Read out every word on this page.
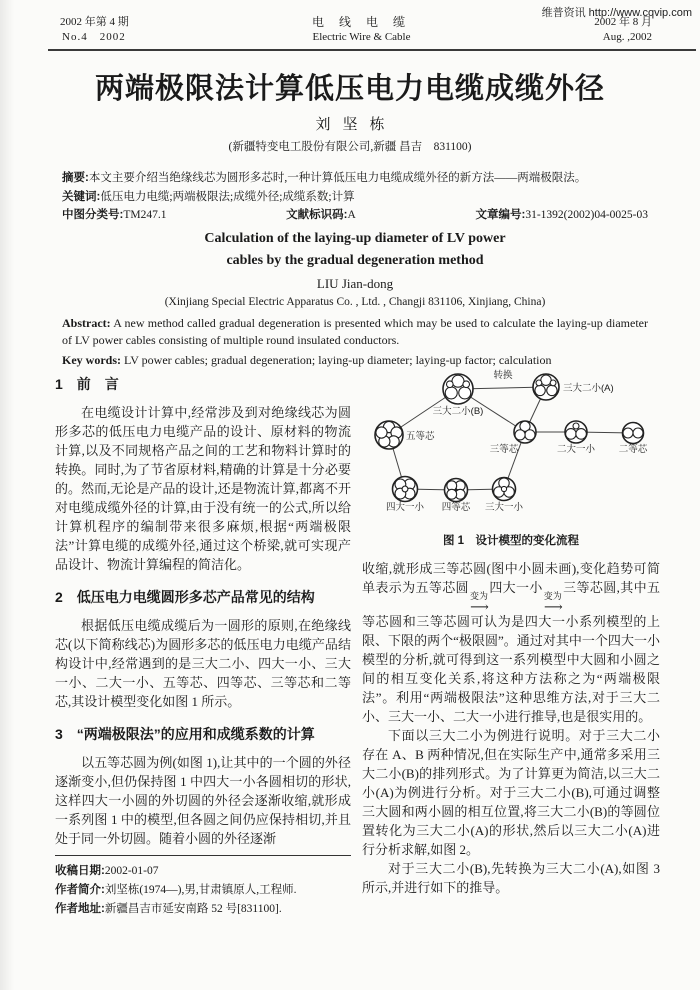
维普资讯 http://www.cqvip.com
2002 年第 4 期
No.4　2002
电 线 电 缆
Electric Wire & Cable
2002 年 8 月
Aug. ,2002
两端极限法计算低压电力电缆成缆外径
刘坚栋
(新疆特变电工股份有限公司,新疆 昌吉　831100)
摘要:本文主要介绍当绝缘线芯为圆形多芯时,一种计算低压电力电缆成缆外径的新方法——两端极限法。
关键词:低压电力电缆;两端极限法;成缆外径;成缆系数;计算
中图分类号:TM247.1	文献标识码:A	文章编号:31-1392(2002)04-0025-03

Calculation of the laying-up diameter of LV power

cables by the gradual degeneration method

LIU Jian-dong

(Xinjiang Special Electric Apparatus Co. , Ltd. , Changji 831106, Xinjiang, China)

Abstract: A new method called gradual degeneration is presented which may be used to calculate the laying-up diameter of LV power cables consisting of multiple round insulated conductors.

Key words: LV power cables; gradual degeneration; laying-up diameter; laying-up factor; calculation

1　前　言

在电缆设计计算中,经常涉及到对绝缘线芯为圆形多芯的低压电力电缆产品的设计、原材料的物流计算,以及不同规格产品之间的工艺和物料计算时的转换。同时,为了节省原材料,精确的计算是十分必要的。然而,无论是产品的设计,还是物流计算,都离不开对电缆成缆外径的计算,由于没有统一的公式,所以给计算机程序的编制带来很多麻烦,根据“两端极限法”计算电缆的成缆外径,通过这个桥梁,就可实现产品设计、物流计算编程的简洁化。

2　低压电力电缆圆形多芯产品常见的结构

根据低压电缆成缆后为一圆形的原则,在绝缘线芯(以下简称线芯)为圆形多芯的低压电力电缆产品结构设计中,经常遇到的是三大二小、四大一小、三大一小、二大一小、五等芯、四等芯、三等芯和二等芯,其设计模型变化如图 1 所示。

3　“两端极限法”的应用和成缆系数的计算

以五等芯圆为例(如图 1),让其中的一个圆的外径逐渐变小,但仍保持图 1 中四大一小各圆相切的形状,这样四大一小圆的外切圆的外径会逐渐收缩,就形成一系列图 1 中的模型,但各圆之间仍应保持相切,并且处于同一外切圆。随着小圆的外径逐渐

收稿日期:2002-01-07
作者简介:刘坚栋(1974—),男,甘肃镇原人,工程师.
作者地址:新疆昌吉市延安南路 52 号[831100].
转换
三大二小(A)
三大二小(B)
五等芯
三等芯	二大一小 二等芯
四大一小 四等芯 三大一小
图 1　设计模型的变化流程

收缩,就形成三等芯圆(图中小圆未画),变化趋势可简单表示为五等芯圆
变为
⟶
四大一小
变为
⟶
三等芯圆,其中五等芯圆和三等芯圆可认为是四大一小系列模型的上限、下限的两个“极限圆”。通过对其中一个四大一小模型的分析,就可得到这一系列模型中大圆和小圆之间的相互变化关系,将这种方法称之为“两端极限法”。利用“两端极限法”这种思维方法,对于三大二小、三大一小、二大一小进行推导,也是很实用的。

下面以三大二小为例进行说明。对于三大二小存在 A、B 两种情况,但在实际生产中,通常多采用三大二小(B)的排列形式。为了计算更为简洁,以三大二小(A)为例进行分析。对于三大二小(B),可通过调整三大圆和两小圆的相互位置,将三大二小(B)的等圆位置转化为三大二小(A)的形状,然后以三大二小(A)进行分析求解,如图 2。

对于三大二小(B),先转换为三大二小(A),如图 3 所示,并进行如下的推导。
